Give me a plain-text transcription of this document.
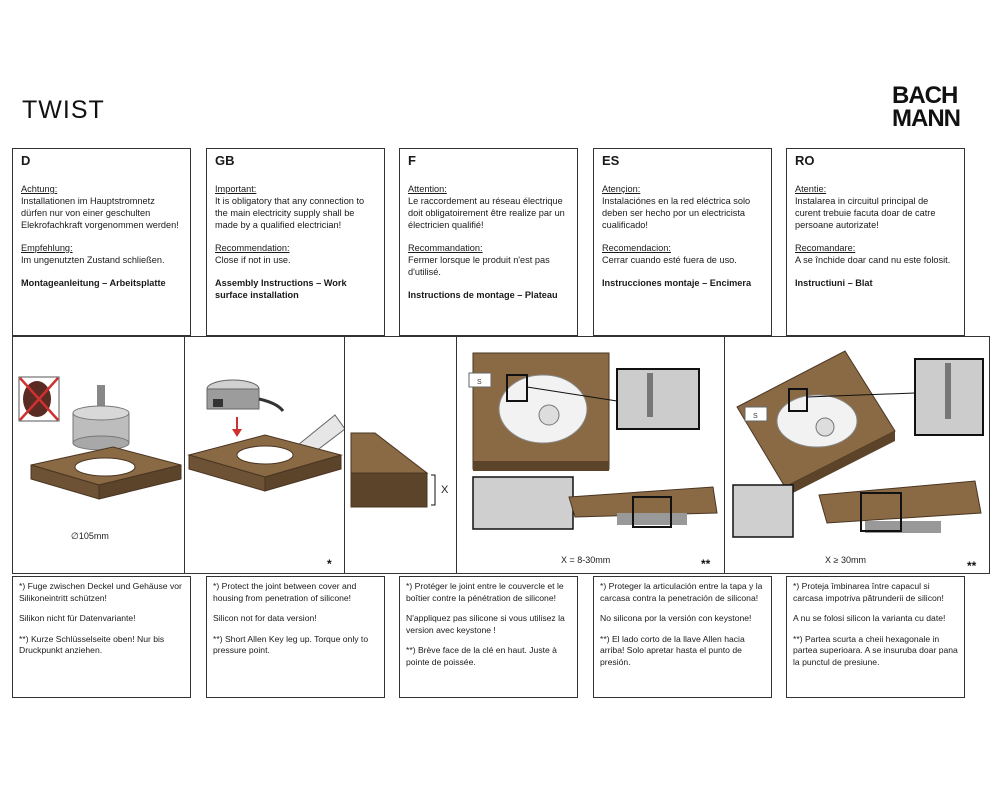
TWIST
BACH
MANN
D
Achtung:

Installationen im Hauptstromnetz dürfen nur von einer geschulten Elekrofachkraft vorgenommen werden!

Empfehlung:

Im ungenutzten Zustand schließen.

Montageanleitung – Arbeitsplatte
GB
Important:

It is obligatory that any connection to the main electricity supply shall be made by a qualified electrician!

Recommendation:

Close if not in use.

Assembly Instructions – Work surface installation
F
Attention:

Le raccordement au réseau électrique doit obligatoirement être realize par un électricien qualifié!

Recommandation:

Fermer lorsque le produit n'est pas d'utilisé.

Instructions de montage – Plateau
ES
Atençion:

Instalaciónes en la red eléctrica solo deben ser hecho por un electricista cualificado!

Recomendacion:

Cerrar cuando esté fuera de uso.

Instrucciones montaje – Encimera
RO
Atentie:

Instalarea in circuitul principal de curent trebuie facuta doar de catre persoane autorizate!

Recomandare:

A se închide doar cand nu este folosit.

Instructiuni – Blat
∅105mm
*
X
S
X = 8-30mm	**
S
X ≥ 30mm	**

*) Fuge zwischen Deckel und Gehäuse vor Silikoneintritt schützen!

Silikon nicht für Datenvariante!

**) Kurze Schlüsselseite oben! Nur bis Druckpunkt anziehen.

*) Protect the joint between cover and housing from penetration of silicone!

Silicon not for data version!

**) Short Allen Key leg up. Torque only to pressure point.

*) Protéger le joint entre le couvercle et le boîtier contre la pénétration de silicone!

N'appliquez pas silicone si vous utilisez la version avec keystone !

**) Brève face de la clé en haut. Juste à pointe de poissée.

*) Proteger la articulación entre la tapa y la carcasa contra la penetración de silicona!

No silicona por la versión con keystone!

**) El lado corto de la llave Allen hacia arriba! Solo apretar hasta el punto de presión.

*) Proteja îmbinarea între capacul si carcasa impotriva pătrunderii de silicon!

A nu se folosi silicon la varianta cu date!

**) Partea scurta a cheii hexagonale in partea superioara. A se insuruba doar pana la punctul de presiune.
